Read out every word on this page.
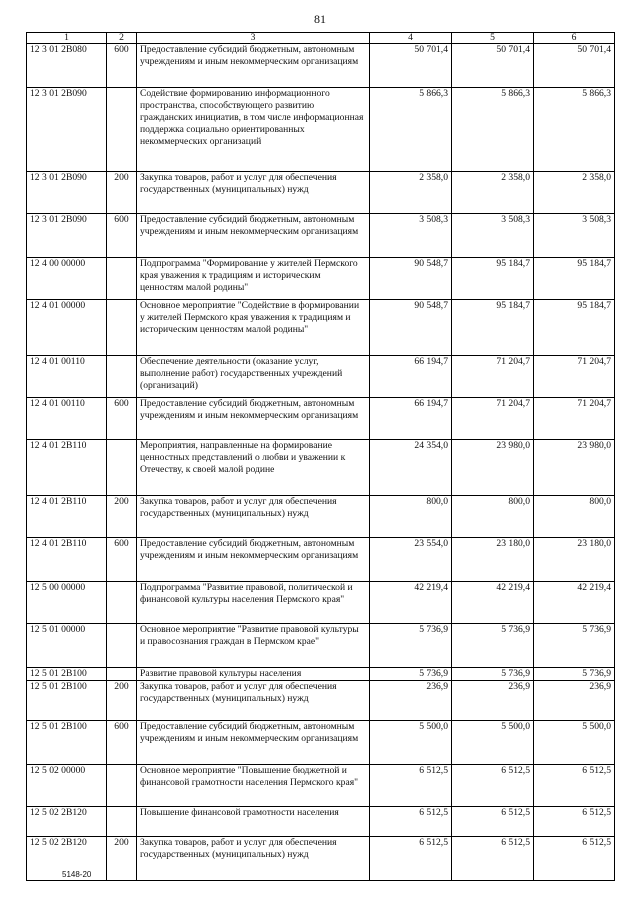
81
1	2	3	4	5	6
12 3 01 2В080	600	Предоставление субсидий бюджетным, автономным учреждениям и иным некоммерческим организациям	50 701,4	50 701,4	50 701,4
12 3 01 2В090		Содействие формированию информационного пространства, способствующего развитию гражданских инициатив, в том числе информационная поддержка социально ориентированных некоммерческих организаций	5 866,3	5 866,3	5 866,3
12 3 01 2В090	200	Закупка товаров, работ и услуг для обеспечения государственных (муниципальных) нужд	2 358,0	2 358,0	2 358,0
12 3 01 2В090	600	Предоставление субсидий бюджетным, автономным учреждениям и иным некоммерческим организациям	3 508,3	3 508,3	3 508,3
12 4 00 00000		Подпрограмма "Формирование у жителей Пермского края уважения к традициям и историческим ценностям малой родины"	90 548,7	95 184,7	95 184,7
12 4 01 00000		Основное мероприятие "Содействие в формировании у жителей Пермского края уважения к традициям и историческим ценностям малой родины"	90 548,7	95 184,7	95 184,7
12 4 01 00110		Обеспечение деятельности (оказание услуг, выполнение работ) государственных учреждений (организаций)	66 194,7	71 204,7	71 204,7
12 4 01 00110	600	Предоставление субсидий бюджетным, автономным учреждениям и иным некоммерческим организациям	66 194,7	71 204,7	71 204,7
12 4 01 2В110		Мероприятия, направленные на формирование ценностных представлений о любви и уважении к Отечеству, к своей малой родине	24 354,0	23 980,0	23 980,0
12 4 01 2В110	200	Закупка товаров, работ и услуг для обеспечения государственных (муниципальных) нужд	800,0	800,0	800,0
12 4 01 2В110	600	Предоставление субсидий бюджетным, автономным учреждениям и иным некоммерческим организациям	23 554,0	23 180,0	23 180,0
12 5 00 00000		Подпрограмма "Развитие правовой, политической и финансовой культуры населения Пермского края"	42 219,4	42 219,4	42 219,4
12 5 01 00000		Основное мероприятие "Развитие правовой культуры и правосознания граждан в Пермском крае"	5 736,9	5 736,9	5 736,9
12 5 01 2В100		Развитие правовой культуры населения	5 736,9	5 736,9	5 736,9
12 5 01 2В100	200	Закупка товаров, работ и услуг для обеспечения государственных (муниципальных) нужд	236,9	236,9	236,9
12 5 01 2В100	600	Предоставление субсидий бюджетным, автономным учреждениям и иным некоммерческим организациям	5 500,0	5 500,0	5 500,0
12 5 02 00000		Основное мероприятие "Повышение бюджетной и финансовой грамотности населения Пермского края"	6 512,5	6 512,5	6 512,5
12 5 02 2В120		Повышение финансовой грамотности населения	6 512,5	6 512,5	6 512,5
12 5 02 2В120	200	Закупка товаров, работ и услуг для обеспечения государственных (муниципальных) нужд	6 512,5	6 512,5	6 512,5
5148-20
